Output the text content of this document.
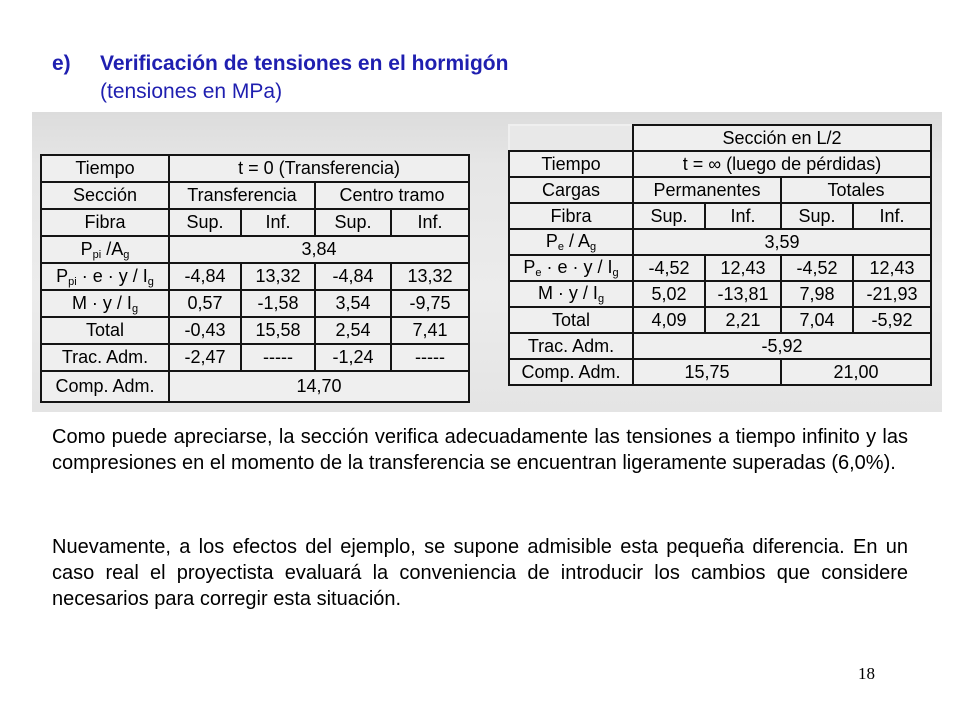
e)	Verificación de tensiones en el hormigón
(tensiones en MPa)
Tiempo	t = 0 (Transferencia)			
Sección	Transferencia		Centro tramo	
Fibra	Sup.	Inf.	Sup.	Inf.
$P_{pi}$ $/A_g$	3,84			
$P_{pi} \cdot e \cdot y / I_g$	-4,84	13,32	-4,84	13,32
$M \cdot y / I_g$	0,57	-1,58	3,54	-9,75
Total	-0,43	15,58	2,54	7,41
Trac. Adm.	-2,47	-----	-1,24	-----
Comp. Adm.	14,70			
	Sección en L/2			
Tiempo	t = ∞ (luego de pérdidas)			
Cargas	Permanentes		Totales	
Fibra	Sup.	Inf.	Sup.	Inf.
$P_e / A_g$	3,59			
$P_e \cdot e \cdot y / I_g$	-4,52	12,43	-4,52	12,43
$M \cdot y / I_g$	5,02	-13,81	7,98	-21,93
Total	4,09	2,21	7,04	-5,92
Trac. Adm.	-5,92			
Comp. Adm.	15,75		21,00	

Como puede apreciarse, la sección verifica adecuadamente las tensiones a tiempo infinito y las compresiones en el momento de la transferencia se encuentran ligeramente superadas (6,0%).

Nuevamente, a los efectos del ejemplo, se supone admisible esta pequeña diferencia. En un caso real el proyectista evaluará la conveniencia de introducir los cambios que considere necesarios para corregir esta situación.

18
